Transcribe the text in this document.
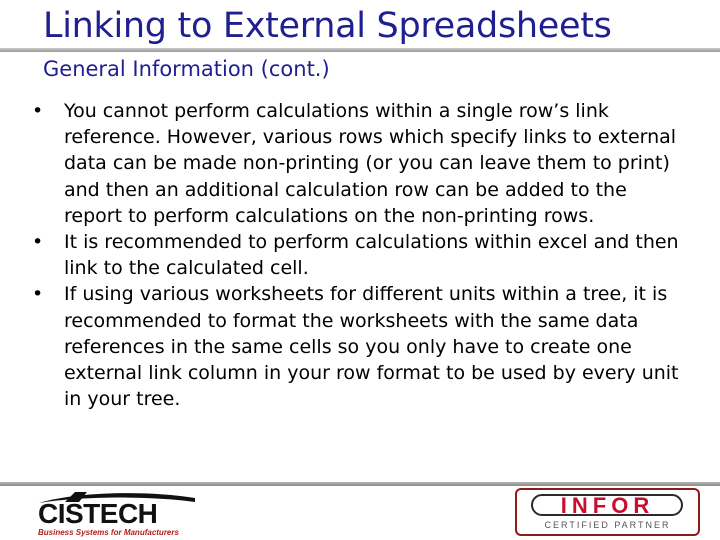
Linking to External Spreadsheets
General Information (cont.)
• You cannot perform calculations within a single row’s link reference. However, various rows which specify links to external data can be made non-printing (or you can leave them to print) and then an additional calculation row can be added to the report to perform calculations on the non-printing rows.
• It is recommended to perform calculations within excel and then link to the calculated cell.
• If using various worksheets for different units within a tree, it is recommended to format the worksheets with the same data references in the same cells so you only have to create one external link column in your row format to be used by every unit in your tree.
CISTECH
Business Systems for Manufacturers
INFOR
CERTIFIED PARTNER
